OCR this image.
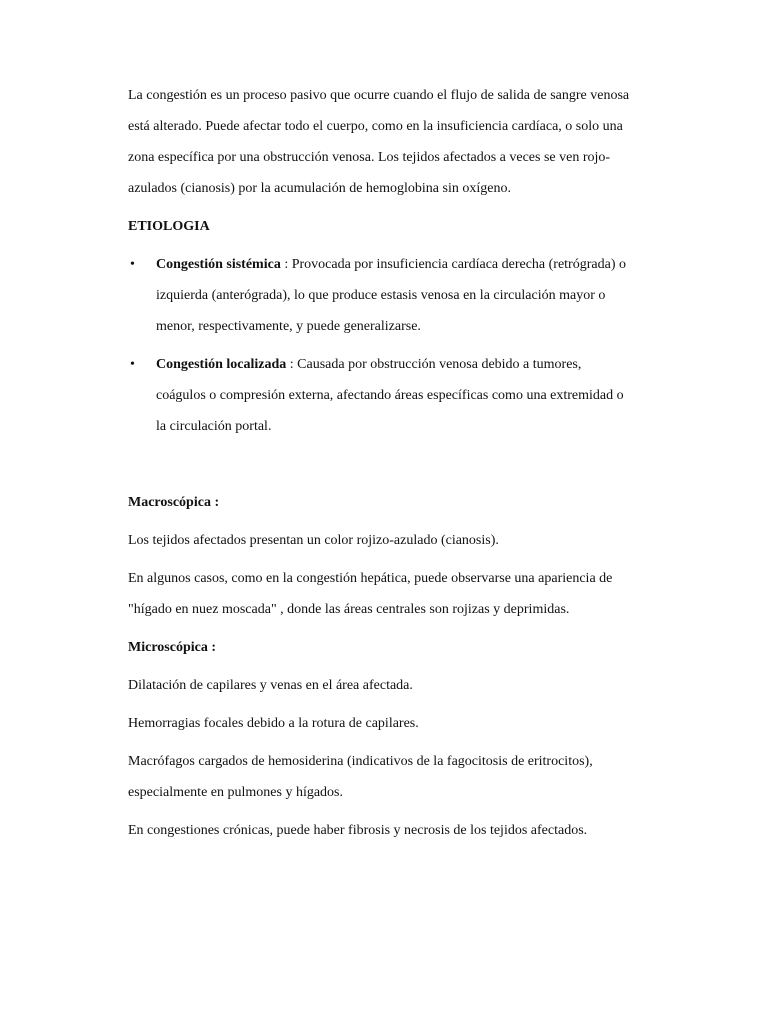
La congestión es un proceso pasivo que ocurre cuando el flujo de salida de sangre venosa

está alterado. Puede afectar todo el cuerpo, como en la insuficiencia cardíaca, o solo una

zona específica por una obstrucción venosa. Los tejidos afectados a veces se ven rojo-

azulados (cianosis) por la acumulación de hemoglobina sin oxígeno.

ETIOLOGIA

• Congestión sistémica : Provocada por insuficiencia cardíaca derecha (retrógrada) o
izquierda (anterógrada), lo que produce estasis venosa en la circulación mayor o
menor, respectivamente, y puede generalizarse.
• Congestión localizada : Causada por obstrucción venosa debido a tumores,
coágulos o compresión externa, afectando áreas específicas como una extremidad o
la circulación portal.

Macroscópica :

Los tejidos afectados presentan un color rojizo-azulado (cianosis).

En algunos casos, como en la congestión hepática, puede observarse una apariencia de

"hígado en nuez moscada" , donde las áreas centrales son rojizas y deprimidas.

Microscópica :

Dilatación de capilares y venas en el área afectada.

Hemorragias focales debido a la rotura de capilares.

Macrófagos cargados de hemosiderina (indicativos de la fagocitosis de eritrocitos),

especialmente en pulmones y hígados.

En congestiones crónicas, puede haber fibrosis y necrosis de los tejidos afectados.
